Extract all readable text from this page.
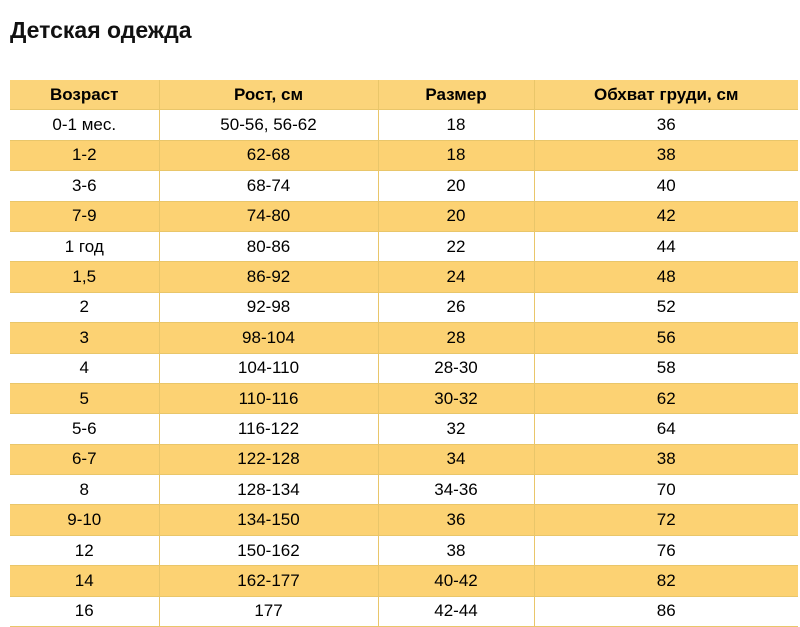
Детская одежда
Возраст	Рост, см	Размер	Обхват груди, см
0-1 мес.	50-56, 56-62	18	36
1-2	62-68	18	38
3-6	68-74	20	40
7-9	74-80	20	42
1 год	80-86	22	44
1,5	86-92	24	48
2	92-98	26	52
3	98-104	28	56
4	104-110	28-30	58
5	110-116	30-32	62
5-6	116-122	32	64
6-7	122-128	34	38
8	128-134	34-36	70
9-10	134-150	36	72
12	150-162	38	76
14	162-177	40-42	82
16	177	42-44	86
